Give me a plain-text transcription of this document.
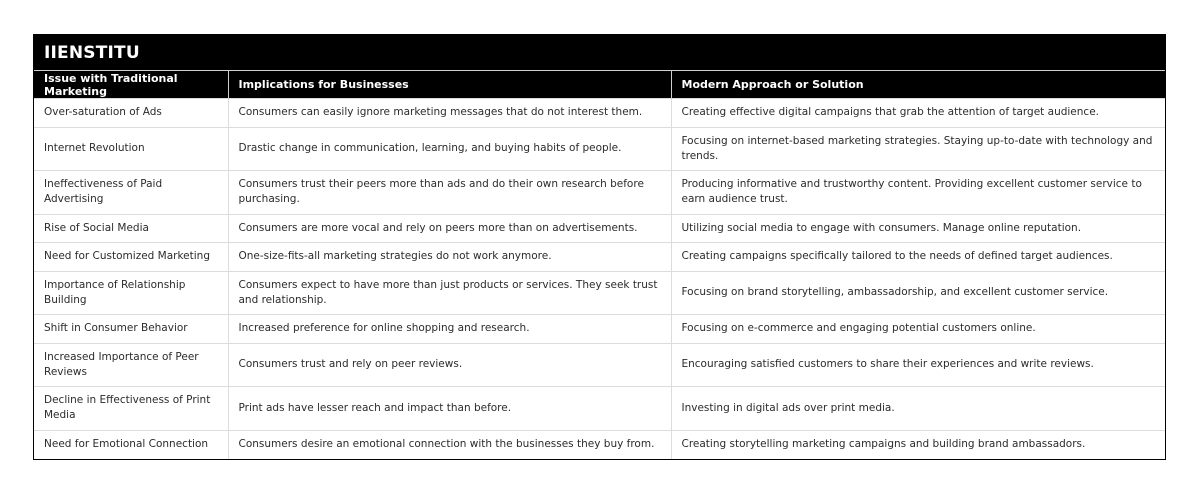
IIENSTITU
Issue with Traditional Marketing	Implications for Businesses	Modern Approach or Solution
Over-saturation of Ads	Consumers can easily ignore marketing messages that do not interest them.	Creating effective digital campaigns that grab the attention of target audience.
Internet Revolution	Drastic change in communication, learning, and buying habits of people.	Focusing on internet-based marketing strategies. Staying up-to-date with technology and trends.
Ineffectiveness of Paid Advertising	Consumers trust their peers more than ads and do their own research before purchasing.	Producing informative and trustworthy content. Providing excellent customer service to earn audience trust.
Rise of Social Media	Consumers are more vocal and rely on peers more than on advertisements.	Utilizing social media to engage with consumers. Manage online reputation.
Need for Customized Marketing	One-size-fits-all marketing strategies do not work anymore.	Creating campaigns specifically tailored to the needs of defined target audiences.
Importance of Relationship Building	Consumers expect to have more than just products or services. They seek trust and relationship.	Focusing on brand storytelling, ambassadorship, and excellent customer service.
Shift in Consumer Behavior	Increased preference for online shopping and research.	Focusing on e-commerce and engaging potential customers online.
Increased Importance of Peer Reviews	Consumers trust and rely on peer reviews.	Encouraging satisfied customers to share their experiences and write reviews.
Decline in Effectiveness of Print Media	Print ads have lesser reach and impact than before.	Investing in digital ads over print media.
Need for Emotional Connection	Consumers desire an emotional connection with the businesses they buy from.	Creating storytelling marketing campaigns and building brand ambassadors.
